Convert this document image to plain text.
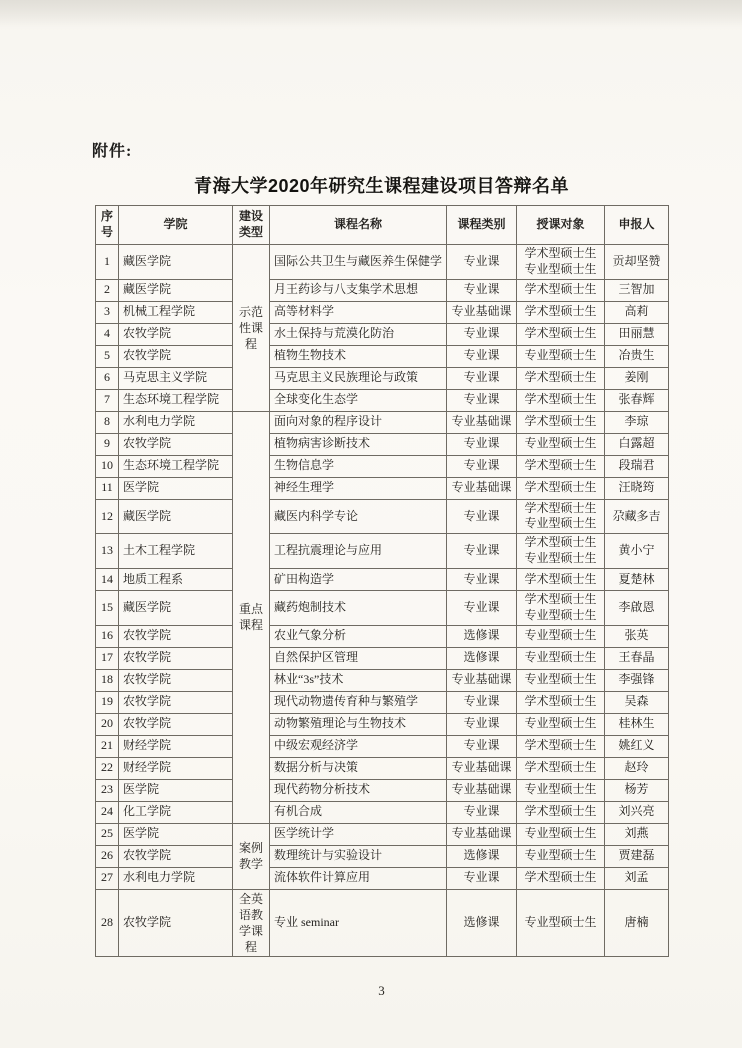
附件:
青海大学2020年研究生课程建设项目答辩名单
序号	学院	建设类型	课程名称	课程类别	授课对象	申报人
1	藏医学院	示范性课程	国际公共卫生与藏医养生保健学	专业课	学术型硕士生
专业型硕士生	贡却坚赞
2	藏医学院		月王药诊与八支集学术思想	专业课	学术型硕士生	三智加
3	机械工程学院		高等材料学	专业基础课	学术型硕士生	高莉
4	农牧学院		水土保持与荒漠化防治	专业课	学术型硕士生	田丽慧
5	农牧学院		植物生物技术	专业课	专业型硕士生	冶贵生
6	马克思主义学院		马克思主义民族理论与政策	专业课	学术型硕士生	姜刚
7	生态环境工程学院		全球变化生态学	专业课	学术型硕士生	张春辉
8	水利电力学院	重点课程	面向对象的程序设计	专业基础课	学术型硕士生	李琼
9	农牧学院		植物病害诊断技术	专业课	专业型硕士生	白露超
10	生态环境工程学院		生物信息学	专业课	学术型硕士生	段瑞君
11	医学院		神经生理学	专业基础课	学术型硕士生	汪晓筠
12	藏医学院		藏医内科学专论	专业课	学术型硕士生
专业型硕士生	尕藏多吉
13	土木工程学院		工程抗震理论与应用	专业课	学术型硕士生
专业型硕士生	黄小宁
14	地质工程系		矿田构造学	专业课	学术型硕士生	夏楚林
15	藏医学院		藏药炮制技术	专业课	学术型硕士生
专业型硕士生	李啟恩
16	农牧学院		农业气象分析	选修课	专业型硕士生	张英
17	农牧学院		自然保护区管理	选修课	专业型硕士生	王春晶
18	农牧学院		林业“3s”技术	专业基础课	专业型硕士生	李强锋
19	农牧学院		现代动物遗传育种与繁殖学	专业课	学术型硕士生	吴森
20	农牧学院		动物繁殖理论与生物技术	专业课	专业型硕士生	桂林生
21	财经学院		中级宏观经济学	专业课	学术型硕士生	姚红义
22	财经学院		数据分析与决策	专业基础课	学术型硕士生	赵玲
23	医学院		现代药物分析技术	专业基础课	专业型硕士生	杨芳
24	化工学院		有机合成	专业课	学术型硕士生	刘兴亮
25	医学院	案例教学	医学统计学	专业基础课	专业型硕士生	刘燕
26	农牧学院		数理统计与实验设计	选修课	专业型硕士生	贾建磊
27	水利电力学院		流体软件计算应用	专业课	学术型硕士生	刘孟
28	农牧学院	全英语教学课程	专业 seminar	选修课	专业型硕士生	唐楠
3
